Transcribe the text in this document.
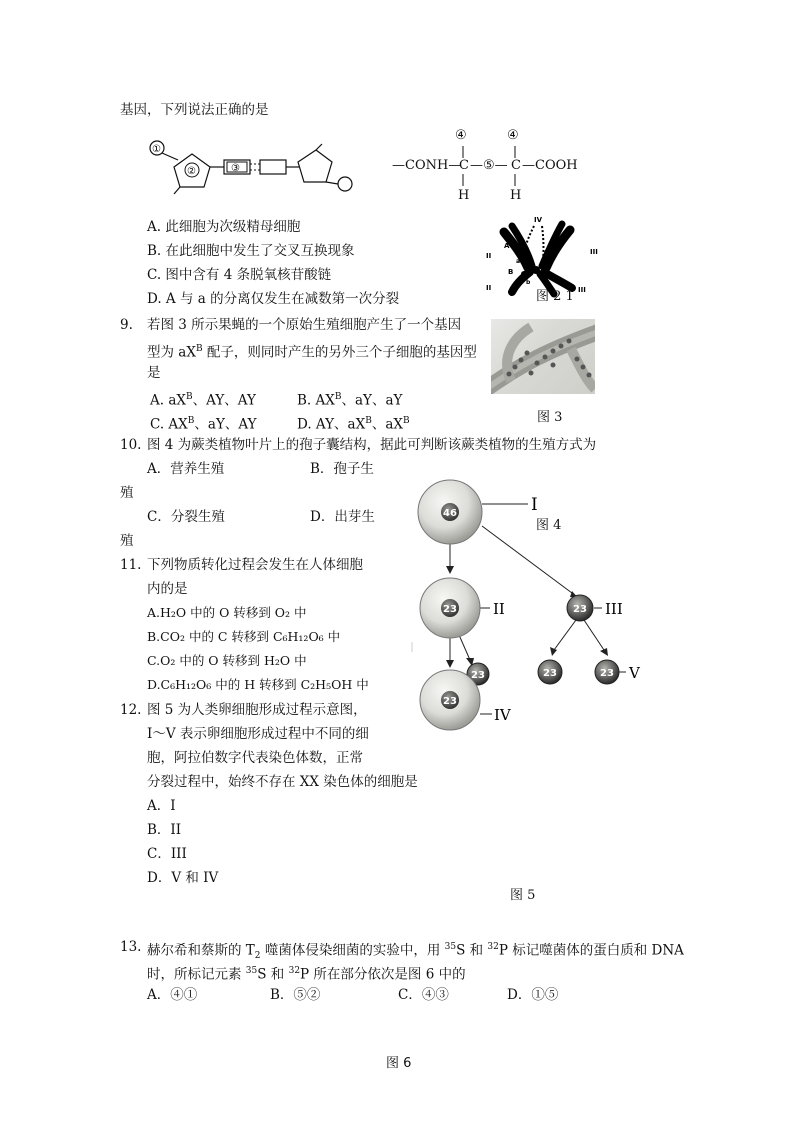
基因，下列说法正确的是
①
②	③
④	④
—CONH—
C —⑤— C —COOH
H	H
A. 此细胞为次级精母细胞
B. 在此细胞中发生了交叉互换现象
C. 图中含有 4 条脱氧核苷酸链
D. A 与 a 的分离仅发生在减数第一次分裂
IV
II	III
A
a
B
b
II	III
图 2 1
9. 若图 3 所示果蝇的一个原始生殖细胞产生了一个基因
型为 $aX^B$ 配子，则同时产生的另外三个子细胞的基因型
是
A. $aX^B$、AY、AY	B. $AX^B$、aY、aY
C. $AX^B$、aY、AY	D. AY、$aX^B$、$aX^B$	图 3
10. 图 4 为蕨类植物叶片上的孢子囊结构，据此可判断该蕨类植物的生殖方式为
A．营养生殖	B．孢子生
殖
C．分裂生殖	D．出芽生
殖
11. 下列物质转化过程会发生在人体细胞
内的是
A.H₂O 中的 O 转移到 O₂ 中
B.CO₂ 中的 C 转移到 C₆H₁₂O₆ 中
C.O₂ 中的 O 转移到 H₂O 中
D.C₆H₁₂O₆ 中的 H 转移到 C₂H₅OH 中
12. 图 5 为人类卵细胞形成过程示意图，
I～V 表示卵细胞形成过程中不同的细
胞，阿拉伯数字代表染色体数，正常
分裂过程中，始终不存在 XX 染色体的细胞是
A．I
B．II
C．III
D．V 和 IV
46
23	23
23
23
23	23
I
II	III
V
IV
图 4
图 5
13. 赫尔希和蔡斯的 $T_2$ 噬菌体侵染细菌的实验中，用 $^{35}$S 和 $^{32}$P 标记噬菌体的蛋白质和 DNA
时，所标记元素 $^{35}$S 和 $^{32}$P 所在部分依次是图 6 中的
A．④①	B．⑤②	C．④③	D．①⑤
图 6
